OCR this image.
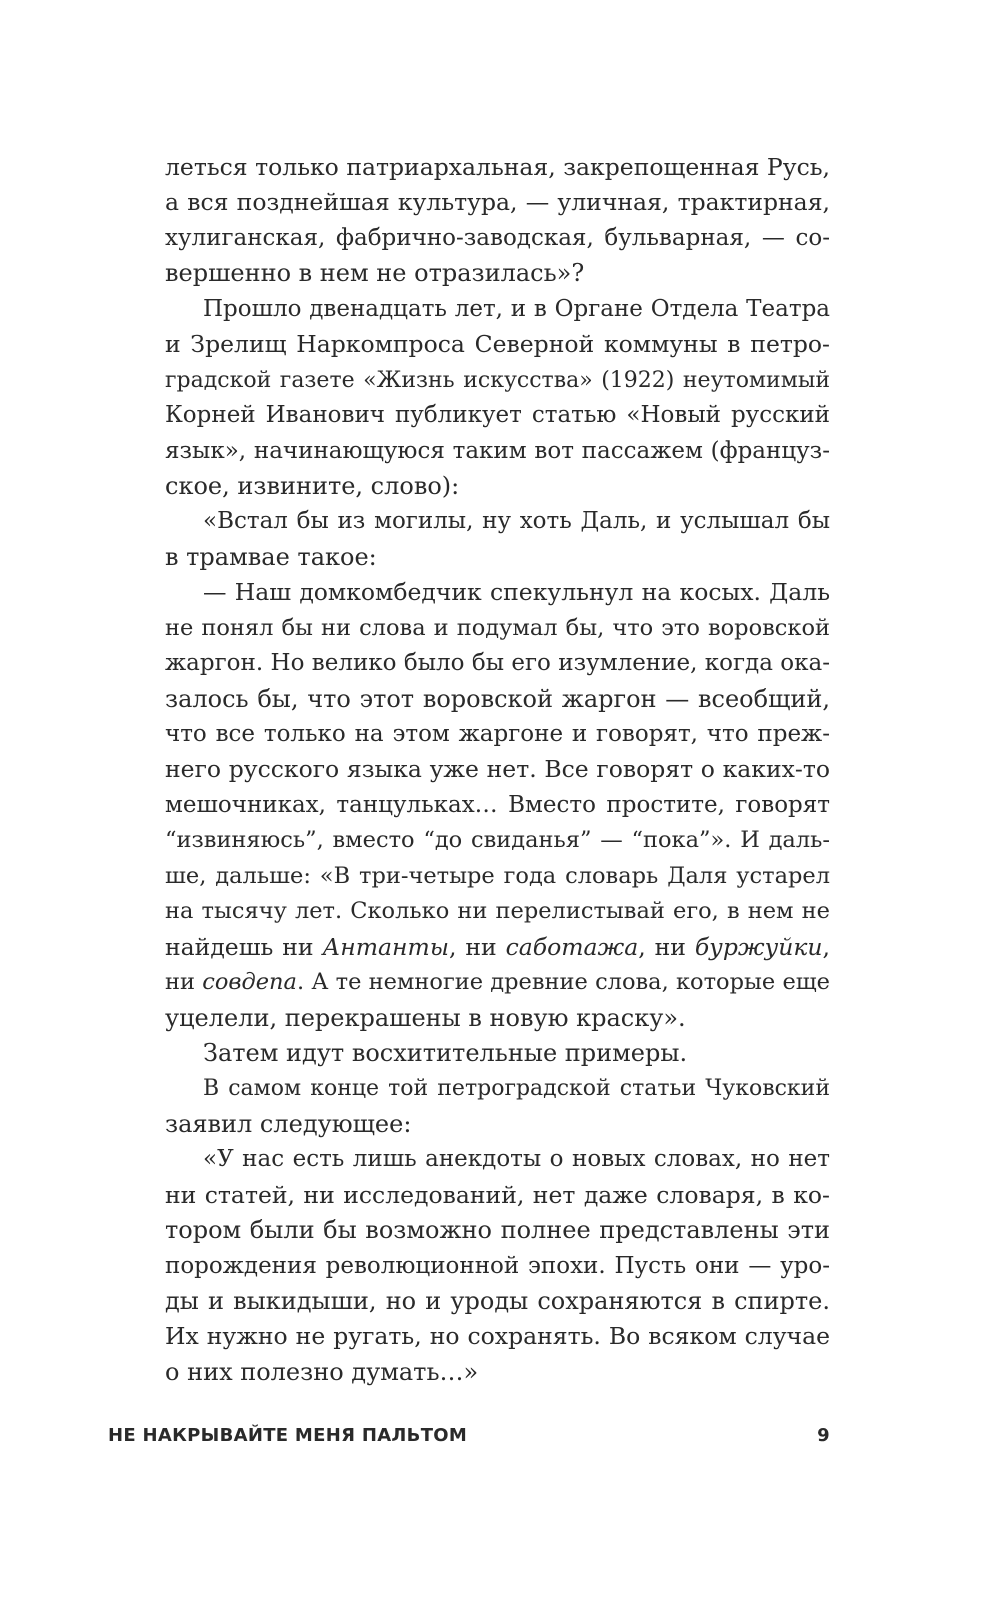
леться только патриархальная, закрепощенная Русь,
а вся позднейшая культура, — уличная, трактирная,
хулиганская, фабрично-заводская, бульварная, — со-
вершенно в нем не отразилась»?
Прошло двенадцать лет, и в Органе Отдела Театра
и Зрелищ Наркомпроса Северной коммуны в петро-
градской газете «Жизнь искусства» (1922) неутомимый
Корней Иванович публикует статью «Новый русский
язык», начинающуюся таким вот пассажем (француз-
ское, извините, слово):
«Встал бы из могилы, ну хоть Даль, и услышал бы
в трамвае такое:
— Наш домкомбедчик спекульнул на косых. Даль
не понял бы ни слова и подумал бы, что это воровской
жаргон. Но велико было бы его изумление, когда ока-
залось бы, что этот воровской жаргон — всеобщий,
что все только на этом жаргоне и говорят, что преж-
него русского языка уже нет. Все говорят о каких-то
мешочниках, танцульках… Вместо простите, говорят
“извиняюсь”, вместо “до свиданья” — “пока”». И даль-
ше, дальше: «В три-четыре года словарь Даля устарел
на тысячу лет. Сколько ни перелистывай его, в нем не
найдешь ни Антанты, ни саботажа, ни буржуйки,
ни совдепа. А те немногие древние слова, которые еще
уцелели, перекрашены в новую краску».
Затем идут восхитительные примеры.
В самом конце той петроградской статьи Чуковский
заявил следующее:
«У нас есть лишь анекдоты о новых словах, но нет
ни статей, ни исследований, нет даже словаря, в ко-
тором были бы возможно полнее представлены эти
порождения революционной эпохи. Пусть они — уро-
ды и выкидыши, но и уроды сохраняются в спирте.
Их нужно не ругать, но сохранять. Во всяком случае
о них полезно думать…»
НЕ НАКРЫВАЙТЕ МЕНЯ ПАЛЬТОМ	9
